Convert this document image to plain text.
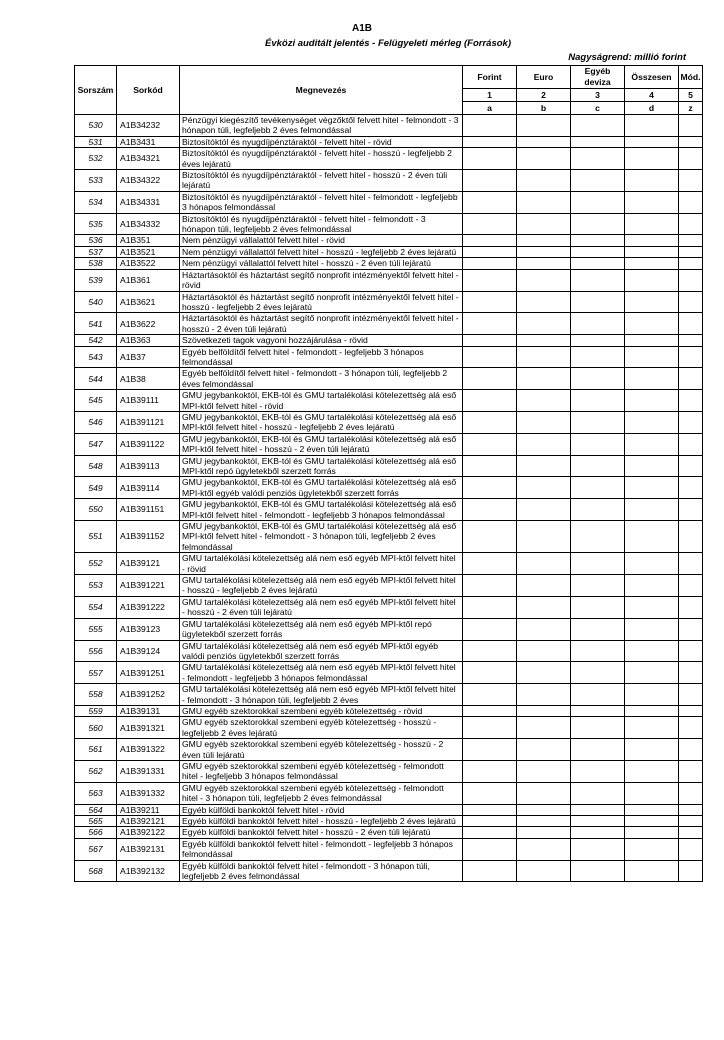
A1B
Évközi auditált jelentés - Felügyeleti mérleg (Források)
Nagyságrend: millió forint
Sorszám	Sorkód	Megnevezés	Forint	Euro	Egyéb deviza	Összesen	Mód.
			1	2	3	4	5
			a	b	c	d	z
530	A1B34232	Pénzügyi kiegészítő tevékenységet végzőktől felvett hitel - felmondott - 3 hónapon túli, legfeljebb 2 éves felmondással					
531	A1B3431	Biztosítóktól és nyugdíjpénztáraktól - felvett hitel - rövid					
532	A1B34321	Biztosítóktól és nyugdíjpénztáraktól - felvett hitel - hosszú - legfeljebb 2 éves lejáratú					
533	A1B34322	Biztosítóktól és nyugdíjpénztáraktól - felvett hitel - hosszú - 2 éven túli lejáratú					
534	A1B34331	Biztosítóktól és nyugdíjpénztáraktól - felvett hitel - felmondott - legfeljebb 3 hónapos felmondással					
535	A1B34332	Biztosítóktól és nyugdíjpénztáraktól - felvett hitel - felmondott - 3 hónapon túli, legfeljebb 2 éves felmondással					
536	A1B351	Nem pénzügyi vállalattól felvett hitel - rövid					
537	A1B3521	Nem pénzügyi vállalattól felvett hitel - hosszú - legfeljebb 2 éves lejáratú					
538	A1B3522	Nem pénzügyi vállalattól felvett hitel - hosszú - 2 éven túli lejáratú					
539	A1B361	Háztartásoktól és háztartást segítő nonprofit intézményektől felvett hitel - rövid					
540	A1B3621	Háztartásoktól és háztartást segítő nonprofit intézményektől felvett hitel - hosszú - legfeljebb 2 éves lejáratú					
541	A1B3622	Háztartásoktól és háztartást segítő nonprofit intézményektől felvett hitel - hosszú - 2 éven túli lejáratú					
542	A1B363	Szövetkezeti tagok vagyoni hozzájárulása - rövid					
543	A1B37	Egyéb belföldítől felvett hitel - felmondott - legfeljebb 3 hónapos felmondással					
544	A1B38	Egyéb belföldítől felvett hitel - felmondott - 3 hónapon túli, legfeljebb 2 éves felmondással					
545	A1B39111	GMU jegybankoktól, EKB-tól és GMU tartalékolási kötelezettség alá eső MPI-ktől felvett hitel - rövid					
546	A1B391121	GMU jegybankoktól, EKB-tól és GMU tartalékolási kötelezettség alá eső MPI-ktől felvett hitel - hosszú - legfeljebb 2 éves lejáratú					
547	A1B391122	GMU jegybankoktól, EKB-tól és GMU tartalékolási kötelezettség alá eső MPI-ktől felvett hitel - hosszú - 2 éven túli lejáratú					
548	A1B39113	GMU jegybankoktól, EKB-tól és GMU tartalékolási kötelezettség alá eső MPI-ktől repó ügyletekből szerzett forrás					
549	A1B39114	GMU jegybankoktól, EKB-tól és GMU tartalékolási kötelezettség alá eső MPI-ktől egyéb valódi penziós ügyletekből szerzett forrás					
550	A1B391151	GMU jegybankoktól, EKB-tól és GMU tartalékolási kötelezettség alá eső MPI-ktől felvett hitel - felmondott - legfeljebb 3 hónapos felmondással					
551	A1B391152	GMU jegybankoktól, EKB-tól és GMU tartalékolási kötelezettség alá eső MPI-ktől felvett hitel - felmondott - 3 hónapon túli, legfeljebb 2 éves felmondással					
552	A1B39121	GMU tartalékolási kötelezettség alá nem eső egyéb MPI-ktől felvett hitel - rövid					
553	A1B391221	GMU tartalékolási kötelezettség alá nem eső egyéb MPI-ktől felvett hitel - hosszú - legfeljebb 2 éves lejáratú					
554	A1B391222	GMU tartalékolási kötelezettség alá nem eső egyéb MPI-ktől felvett hitel - hosszú - 2 éven túli lejáratú					
555	A1B39123	GMU tartalékolási kötelezettség alá nem eső egyéb MPI-ktől repó ügyletekből szerzett forrás					
556	A1B39124	GMU tartalékolási kötelezettség alá nem eső egyéb MPI-ktől egyéb valódi penziós ügyletekből szerzett forrás					
557	A1B391251	GMU tartalékolási kötelezettség alá nem eső egyéb MPI-ktől felvett hitel - felmondott - legfeljebb 3 hónapos felmondással					
558	A1B391252	GMU tartalékolási kötelezettség alá nem eső egyéb MPI-ktől felvett hitel - felmondott - 3 hónapon túli, legfeljebb 2 éves					
559	A1B39131	GMU egyéb szektorokkal szembeni egyéb kötelezettség - rövid					
560	A1B391321	GMU egyéb szektorokkal szembeni egyéb kötelezettség - hosszú - legfeljebb 2 éves lejáratú					
561	A1B391322	GMU egyéb szektorokkal szembeni egyéb kötelezettség - hosszú - 2 éven túli lejáratú					
562	A1B391331	GMU egyéb szektorokkal szembeni egyéb kötelezettség - felmondott hitel - legfeljebb 3 hónapos felmondással					
563	A1B391332	GMU egyéb szektorokkal szembeni egyéb kötelezettség - felmondott hitel - 3 hónapon túli, legfeljebb 2 éves felmondással					
564	A1B39211	Egyéb külföldi bankoktól felvett hitel - rövid					
565	A1B392121	Egyéb külföldi bankoktól felvett hitel - hosszú - legfeljebb 2 éves lejáratú					
566	A1B392122	Egyéb külföldi bankoktól felvett hitel - hosszú - 2 éven túli lejáratú					
567	A1B392131	Egyéb külföldi bankoktól felvett hitel - felmondott - legfeljebb 3 hónapos felmondással					
568	A1B392132	Egyéb külföldi bankoktól felvett hitel - felmondott - 3 hónapon túli, legfeljebb 2 éves felmondással					
